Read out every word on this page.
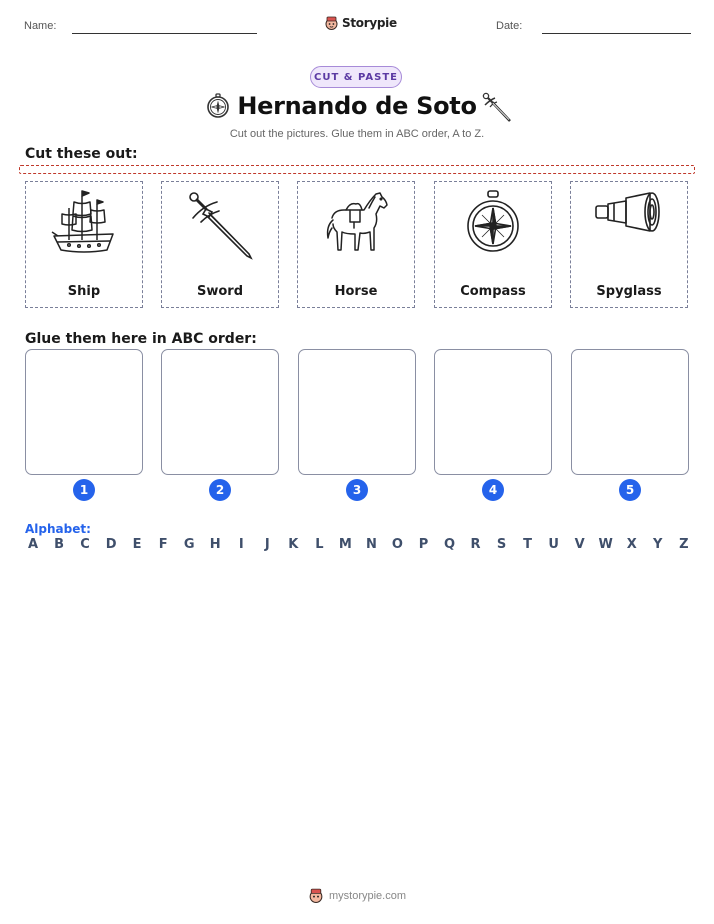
Name:	Storypie	Date:
CUT & PASTE
Hernando de Soto
Cut out the pictures. Glue them in ABC order, A to Z.
Cut these out:
Ship	Sword	Horse	Compass	Spyglass
Glue them here in ABC order:
1	2	3	4	5
Alphabet:
A B C D E F G H	I	J	K L M N O P Q R S T U V W X Y Z
mystorypie.com
